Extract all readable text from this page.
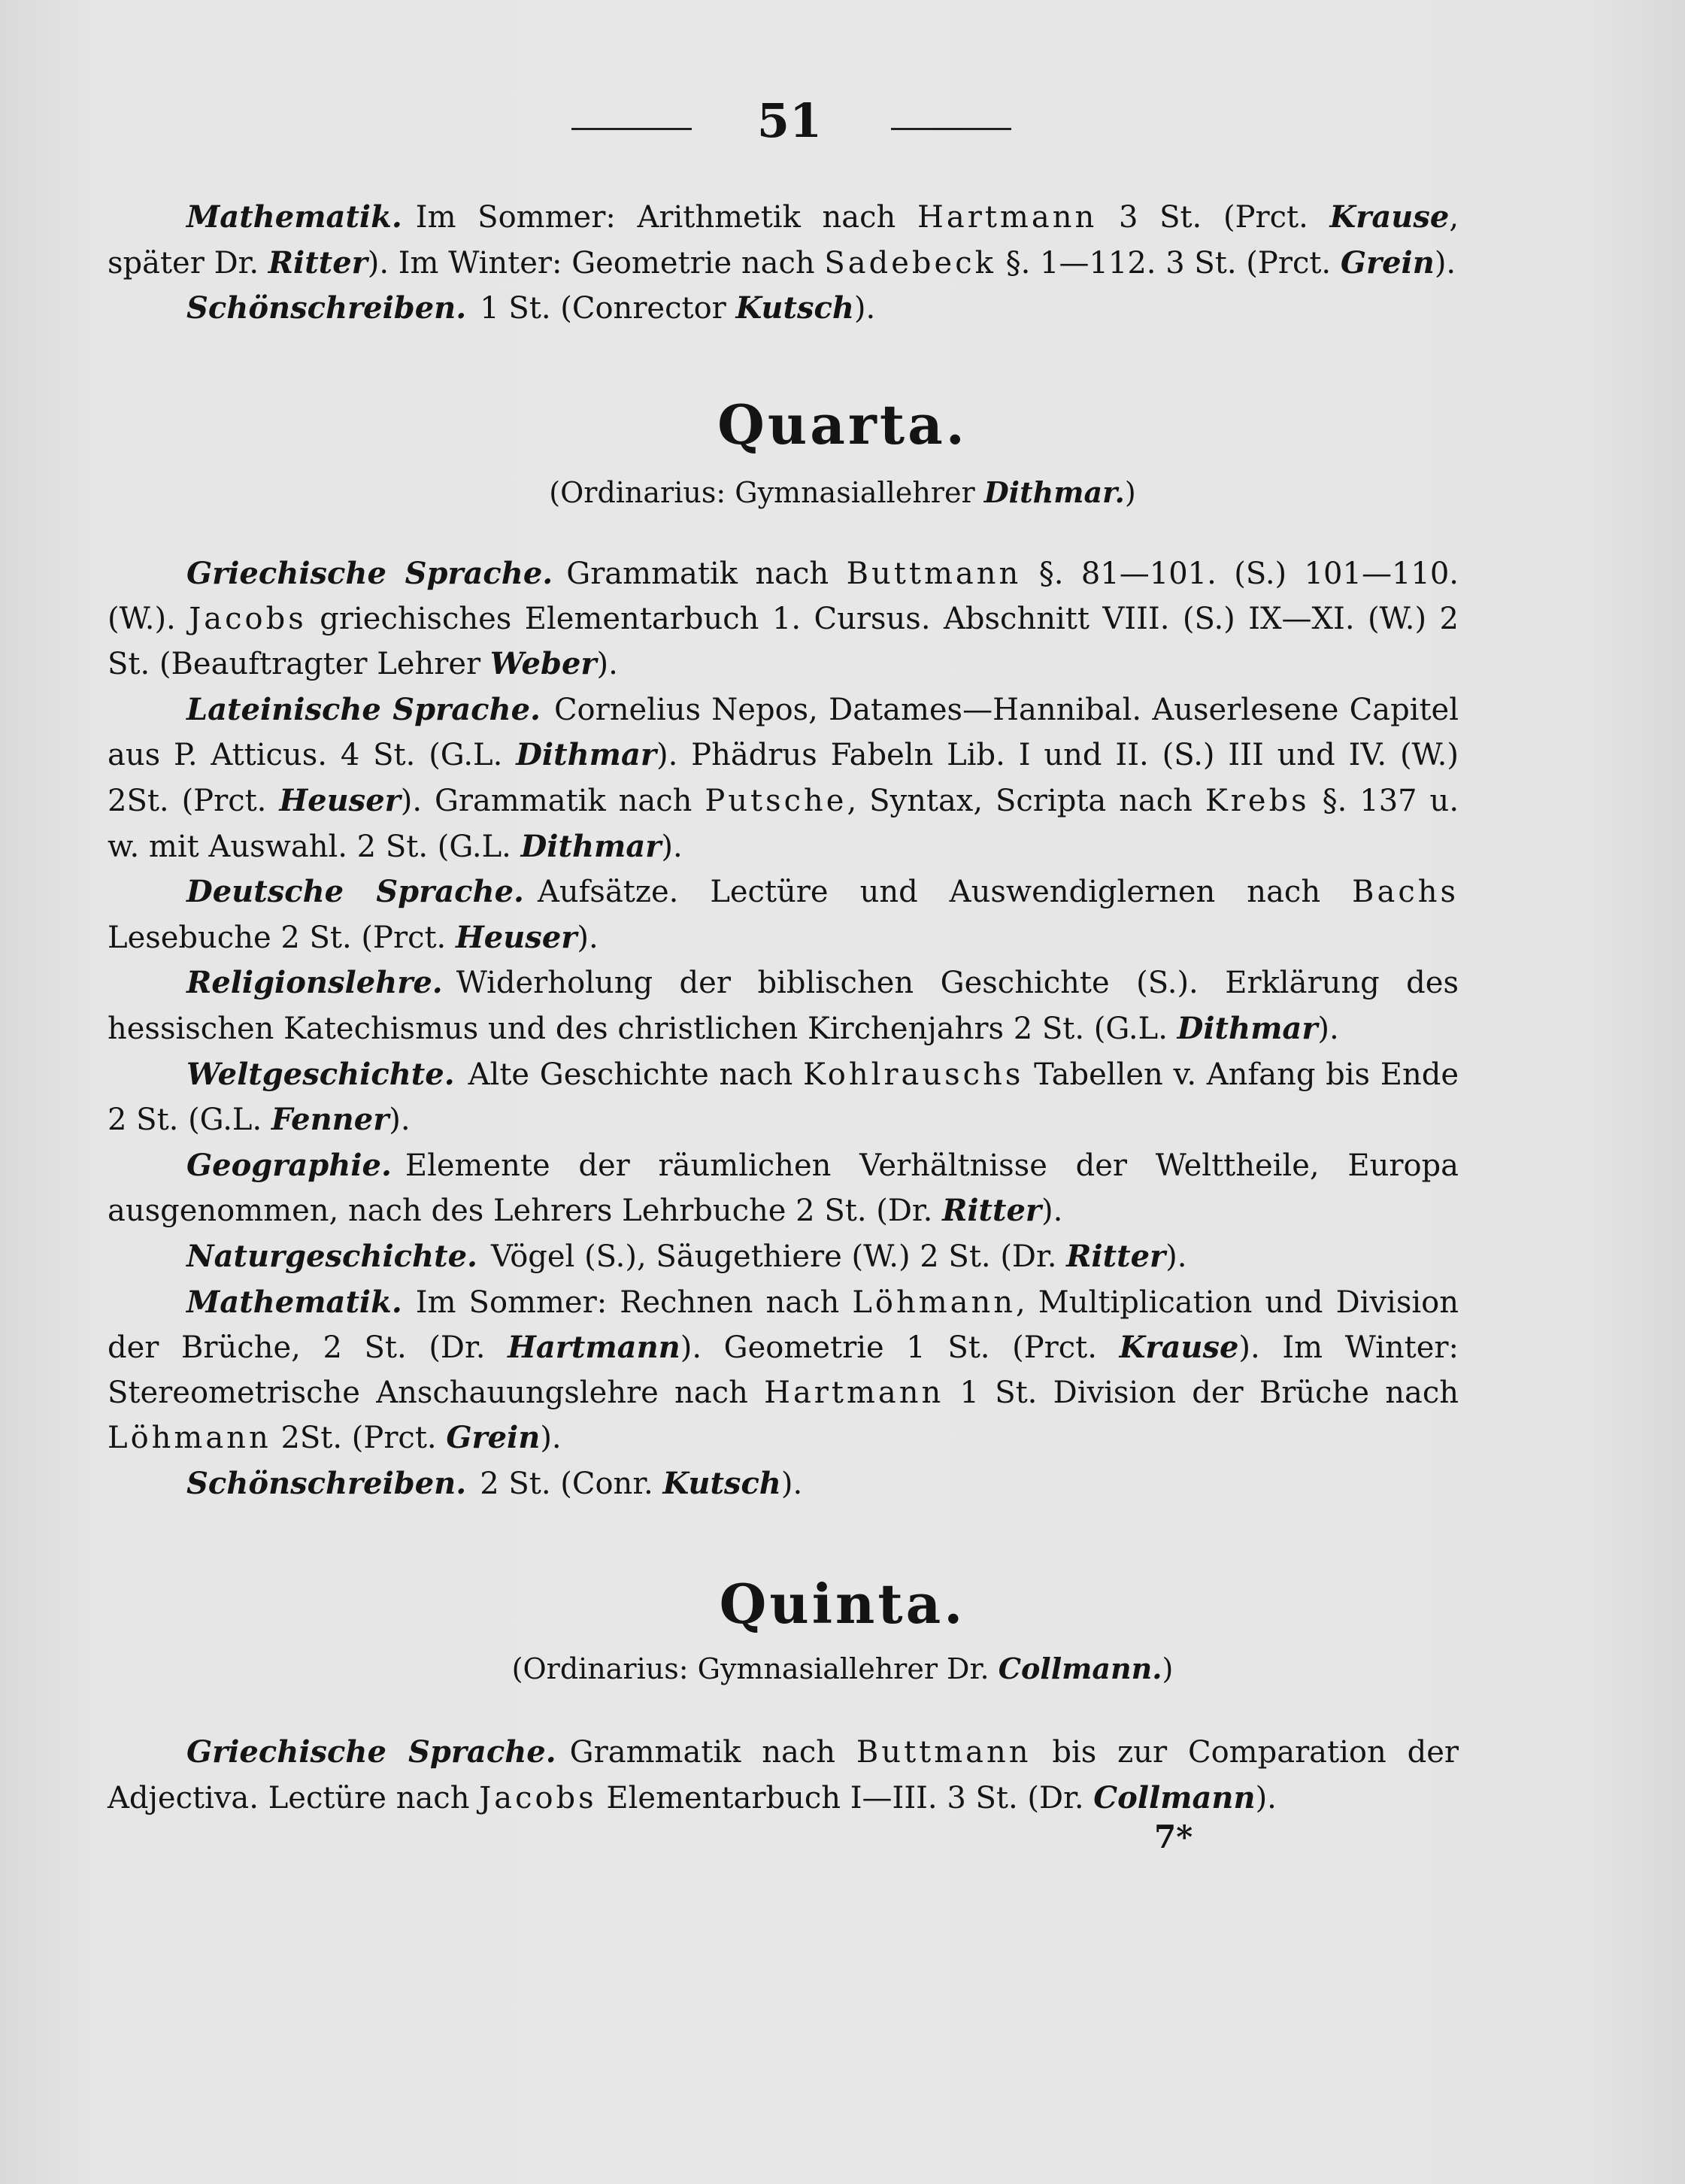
51

Mathematik. Im Sommer: Arithmetik nach Hartmann 3 St. (Prct. Krause, später Dr. Ritter). Im Winter: Geometrie nach Sadebeck §. 1—112. 3 St. (Prct. Grein).

Schönschreiben. 1 St. (Conrector Kutsch).

Quarta.
(Ordinarius: Gymnasiallehrer Dithmar.)

Griechische Sprache. Grammatik nach Buttmann §. 81—101. (S.) 101—110. (W.). Jacobs griechisches Elementarbuch 1. Cursus. Abschnitt VIII. (S.) IX—XI. (W.) 2 St. (Beauftragter Lehrer Weber).

Lateinische Sprache. Cornelius Nepos, Datames—Hannibal. Auserlesene Capitel aus P. Atticus. 4 St. (G.L. Dithmar). Phädrus Fabeln Lib. I und II. (S.) III und IV. (W.) 2St. (Prct. Heuser). Grammatik nach Putsche, Syntax, Scripta nach Krebs §. 137 u. w. mit Auswahl. 2 St. (G.L. Dithmar).

Deutsche Sprache. Aufsätze. Lectüre und Auswendiglernen nach Bachs Lesebuche 2 St. (Prct. Heuser).

Religionslehre. Widerholung der biblischen Geschichte (S.). Erklärung des hessischen Katechismus und des christlichen Kirchenjahrs 2 St. (G.L. Dithmar).

Weltgeschichte. Alte Geschichte nach Kohlrauschs Tabellen v. Anfang bis Ende 2 St. (G.L. Fenner).

Geographie. Elemente der räumlichen Verhältnisse der Welttheile, Europa ausgenommen, nach des Lehrers Lehrbuche 2 St. (Dr. Ritter).

Naturgeschichte. Vögel (S.), Säugethiere (W.) 2 St. (Dr. Ritter).

Mathematik. Im Sommer: Rechnen nach Löhmann, Multiplication und Division der Brüche, 2 St. (Dr. Hartmann). Geometrie 1 St. (Prct. Krause). Im Winter: Stereometrische Anschauungslehre nach Hartmann 1 St. Division der Brüche nach Löhmann 2St. (Prct. Grein).

Schönschreiben. 2 St. (Conr. Kutsch).

Quinta.
(Ordinarius: Gymnasiallehrer Dr. Collmann.)

Griechische Sprache. Grammatik nach Buttmann bis zur Comparation der Adjectiva. Lectüre nach Jacobs Elementarbuch I—III. 3 St. (Dr. Collmann).

7*
